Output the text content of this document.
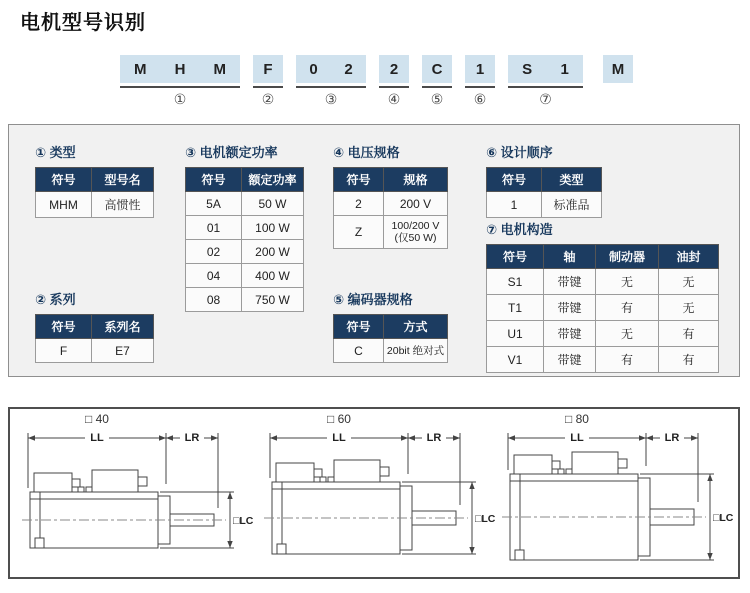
电机型号识别
M H M
①
F
②
0 2
③
2
④
C
⑤
1
⑥
S 1
⑦
M
① 类型
符号	型号名
MHM	高惯性
③ 电机额定功率
符号	额定功率
5A	50 W
01	100 W
02	200 W
04	400 W
08	750 W
④ 电压规格
符号	规格
2	200 V
Z	100/200 V
(仅50 W)
⑥ 设计顺序
符号	类型
1	标准品
⑦ 电机构造
符号	轴	制动器	油封
S1	带键	无	无
T1	带键	有	无
U1	带键	无	有
V1	带键	有	有
② 系列
符号	系列名
F	E7
⑤ 编码器规格
符号	方式
C	20bit 绝对式
□ 40
LL	LR
□LC
□ 60
LL	LR
□LC
□ 80
LL	LR
□LC
